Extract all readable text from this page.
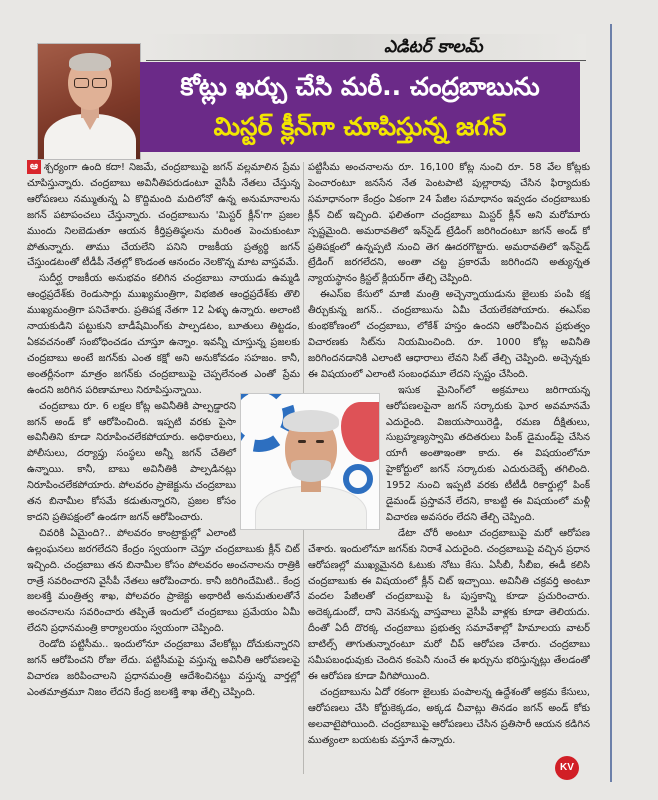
ఎడిటర్ కాలమ్
కోట్లు ఖర్చు చేసి మరీ.. చంద్రబాబును
మిస్టర్ క్లీన్‌గా చూపిస్తున్న జగన్

ఆ శ్చర్యంగా ఉంది కదా! నిజమే, చంద్రబాబుపై జగన్ వల్లమాలిన ప్రేమ చూపిస్తున్నారు. చంద్రబాబు అవినీతిపరుడంటూ వైసీపీ నేతలు చేస్తున్న ఆరోపణలు నమ్ముతున్న ఏ కొద్దిమంది మదిలోనో ఉన్న అనుమానాలను జగన్ పటాపంచలు చేస్తున్నారు. చంద్రబాబును 'మిస్టర్ క్లీన్'గా ప్రజల ముందు నిలబెడుతూ ఆయన కీర్తిప్రతిష్ఠలను మరింత పెంచుకుంటూ పోతున్నారు. తాము చేయలేని పనిని రాజకీయ ప్రత్యర్థి జగన్ చేస్తుండటంతో టీడీపీ నేతల్లో కొండంత ఆనందం నెలకొన్న మాట వాస్తవమే.

సుదీర్ఘ రాజకీయ అనుభవం కలిగిన చంద్రబాబు నాయుడు ఉమ్మడి ఆంధ్రప్రదేశ్‌కు రెండుసార్లు ముఖ్యమంత్రిగా, విభజిత ఆంధ్రప్రదేశ్‌కు తొలి ముఖ్యమంత్రిగా పనిచేశారు. ప్రతిపక్ష నేతగా 12 ఏళ్ళు ఉన్నారు. అలాంటి నాయకుడిని పట్టుకుని బాడీషేమింగ్‌కు పాల్పడటం, బూతులు తిట్టడం, ఏకవచనంతో సంబోధించడం చూస్తూ ఉన్నాం. ఇవన్నీ చూస్తున్న ప్రజలకు చంద్రబాబు అంటే జగన్‌కు ఎంత కక్షో అని అనుకోవడం సహజం. కానీ, అంతర్లీనంగా మాత్రం జగన్‌కు చంద్రబాబుపై చెప్పలేనంత ఎంతో ప్రేమ ఉందని జరిగిన పరిణామాలు నిరూపిస్తున్నాయి.

చంద్రబాబు రూ. 6 లక్షల కోట్ల అవినీతికి పాల్పడ్డారని జగన్ అండ్ కో ఆరోపించింది. ఇప్పటి వరకు పైసా అవినీతిని కూడా నిరూపించలేకపోయారు. అధికారులు, పోలీసులు, దర్యాప్తు సంస్థలు అన్నీ జగన్ చేతిలో ఉన్నాయి. కానీ, బాబు అవినీతికి పాల్పడినట్లు నిరూపించలేకపోయారు. పోలవరం ప్రాజెక్టును చంద్రబాబు తన బినామీల కోసమే కడుతున్నారని, ప్రజల కోసం కాదని ప్రతిపక్షంలో ఉండగా జగన్ ఆరోపించారు.

చివరికి ఏమైంది?.. పోలవరం కాంట్రాక్టుల్లో ఎలాంటి ఉల్లంఘనలు జరగలేదని కేంద్రం స్వయంగా చెప్తూ చంద్రబాబుకు క్లీన్ చిట్ ఇచ్చింది. చంద్రబాబు తన బినామీల కోసం పోలవరం అంచనాలను రాత్రికి రాత్రే సవరించారని వైసీపీ నేతలు ఆరోపించారు. కానీ జరిగిందేమిటి.. కేంద్ర జలశక్తి మంత్రిత్వ శాఖ, పోలవరం ప్రాజెక్టు అథారిటీ అనుమతులతోనే అంచనాలను సవరించారు తప్పితే ఇందులో చంద్రబాబు ప్రమేయం ఏమీ లేదని ప్రధానమంత్రి కార్యాలయం స్వయంగా చెప్పింది.

రెండోది పట్టిసీమ.. ఇందులోనూ చంద్రబాబు వేలకోట్లు దోచుకున్నారని జగన్ ఆరోపించని రోజు లేదు. పట్టిసీమపై వస్తున్న అవినీతి ఆరోపణలపై విచారణ జరిపించాలని ప్రధానమంత్రి ఆదేశించినట్టు వస్తున్న వార్తల్లో ఎంతమాత్రమూ నిజం లేదని కేంద్ర జలశక్తి శాఖ తేల్చి చెప్పింది.

పట్టిసీమ అంచనాలను రూ. 16,100 కోట్ల నుంచి రూ. 58 వేల కోట్లకు పెంచారంటూ జనసేన నేత పెంటపాటి పుల్లారావు చేసిన ఫిర్యాదుకు సమాధానంగా కేంద్రం ఏకంగా 24 పేజీల సమాధానం ఇవ్వడం చంద్రబాబుకు క్లీన్ చిట్ ఇచ్చింది. ఫలితంగా చంద్రబాబు మిస్టర్ క్లీన్ అని మరోమారు స్పష్టమైంది. అమరావతిలో ఇన్‌సైడ్ ట్రేడింగ్ జరిగిందంటూ జగన్ అండ్ కో ప్రతిపక్షంలో ఉన్నప్పటి నుంచి తెగ ఊదరగొట్టారు. అమరావతిలో ఇన్‌సైడ్ ట్రేడింగ్ జరగలేదని, అంతా చట్ట ప్రకారమే జరిగిందని అత్యున్నత న్యాయస్థానం క్రిస్టల్ క్లియర్‌గా తేల్చి చెప్పింది.

ఈఎస్ఐ కేసులో మాజీ మంత్రి అచ్చెన్నాయుడును జైలుకు పంపి కక్ష తీర్చుకున్న జగన్.. చంద్రబాబును ఏమీ చేయలేకపోయారు. ఈఎస్ఐ కుంభకోణంలో చంద్రబాబు, లోకేశ్ హస్తం ఉందని ఆరోపించిన ప్రభుత్వం విచారణకు సిట్‌ను నియమించింది. రూ. 1000 కోట్ల అవినీతి జరిగిందనడానికి ఎలాంటి ఆధారాలు లేవని సిట్ తేల్చి చెప్పింది. అచ్చెన్నకు ఈ విషయంలో ఎలాంటి సంబంధమూ లేదని స్పష్టం చేసింది.

ఇసుక మైనింగ్‌లో అక్రమాలు జరిగాయన్న ఆరోపణలపైనా జగన్ సర్కారుకు ఘోర అవమానమే ఎదురైంది. విజయసాయిరెడ్డి, రమణ దీక్షితులు, సుబ్రహ్మణ్యస్వామి తదితరులు పింక్ డైమండ్‌పై చేసిన యాగీ అంతాఇంతా కాదు. ఈ విషయంలోనూ హైకోర్టులో జగన్ సర్కారుకు ఎదురుదెబ్బే తగిలింది. 1952 నుంచి ఇప్పటి వరకు టీటీడీ రికార్డుల్లో పింక్ డైమండ్ ప్రస్తావనే లేదని, కాబట్టి ఈ విషయంలో మళ్లీ విచారణ అవసరం లేదని తేల్చి చెప్పింది.

డేటా చోరీ అంటూ చంద్రబాబుపై మరో ఆరోపణ చేశారు. ఇందులోనూ జగన్‌కు నిరాశే ఎదురైంది. చంద్రబాబుపై వచ్చిన ప్రధాన ఆరోపణల్లో ముఖ్యమైనది ఓటుకు నోటు కేసు. ఏసీబీ, సీబీఐ, ఈడీ కలిసి చంద్రబాబుకు ఈ విషయంలో క్లీన్ చిట్ ఇచ్చాయి. అవినీతి చక్రవర్తి అంటూ వందల పేజీలతో చంద్రబాబుపై ఓ పుస్తకాన్ని కూడా ప్రచురించారు. అదెక్కడుందో, దాని వెనకున్న వాస్తవాలు వైసీపీ వాళ్లకు కూడా తెలియదు. దీంతో ఏదీ దొరక్క చంద్రబాబు ప్రభుత్వ సమావేశాల్లో హిమాలయ వాటర్ బాటిల్స్ తాగుతున్నారంటూ మరో చీప్ ఆరోపణ చేశారు. చంద్రబాబు సమీపబంధువుకు చెందిన కంపెనీ నుంచే ఈ ఖర్చును భరిస్తున్నట్లు తేలడంతో ఈ ఆరోపణ కూడా వీగిపోయింది.

చంద్రబాబును ఏదో రకంగా జైలుకు పంపాలన్న ఉద్దేశంతో అక్రమ కేసులు, ఆరోపణలు చేసి కోర్టుకెక్కడం, అక్కడ చీవాట్లు తినడం జగన్ అండ్ కోకు అలవాటైపోయింది. చంద్రబాబుపై ఆరోపణలు చేసిన ప్రతిసారీ ఆయన కడిగిన ముత్యంలా బయటకు వస్తూనే ఉన్నారు.

KV
